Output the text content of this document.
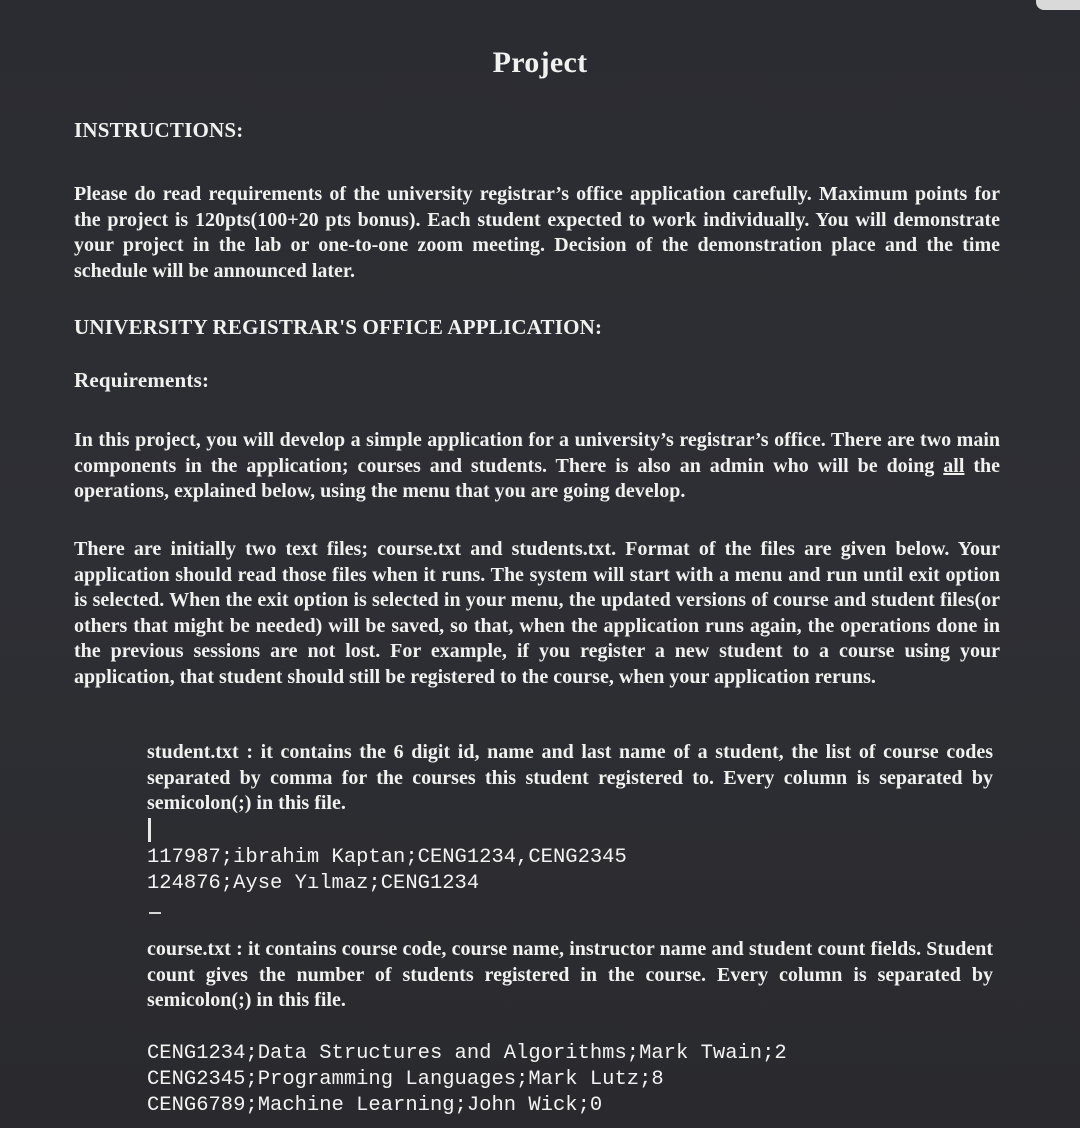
Project
INSTRUCTIONS:
Please do read requirements of the university registrar’s office application carefully. Maximum points for the project is 120pts(100+20 pts bonus). Each student expected to work individually. You will demonstrate your project in the lab or one-to-one zoom meeting. Decision of the demonstration place and the time schedule will be announced later.
UNIVERSITY REGISTRAR'S OFFICE APPLICATION:
Requirements:
In this project, you will develop a simple application for a university’s registrar’s office. There are two main components in the application; courses and students. There is also an admin who will be doing all the operations, explained below, using the menu that you are going develop.
There are initially two text files; course.txt and students.txt. Format of the files are given below. Your application should read those files when it runs. The system will start with a menu and run until exit option is selected. When the exit option is selected in your menu, the updated versions of course and student files(or others that might be needed) will be saved, so that, when the application runs again, the operations done in the previous sessions are not lost. For example, if you register a new student to a course using your application, that student should still be registered to the course, when your application reruns.
student.txt : it contains the 6 digit id, name and last name of a student, the list of course codes separated by comma for the courses this student registered to. Every column is separated by semicolon(;) in this file.
117987;ibrahim Kaptan;CENG1234,CENG2345
124876;Ayse Yılmaz;CENG1234
course.txt : it contains course code, course name, instructor name and student count fields. Student count gives the number of students registered in the course. Every column is separated by semicolon(;) in this file.
CENG1234;Data Structures and Algorithms;Mark Twain;2
CENG2345;Programming Languages;Mark Lutz;8
CENG6789;Machine Learning;John Wick;0
